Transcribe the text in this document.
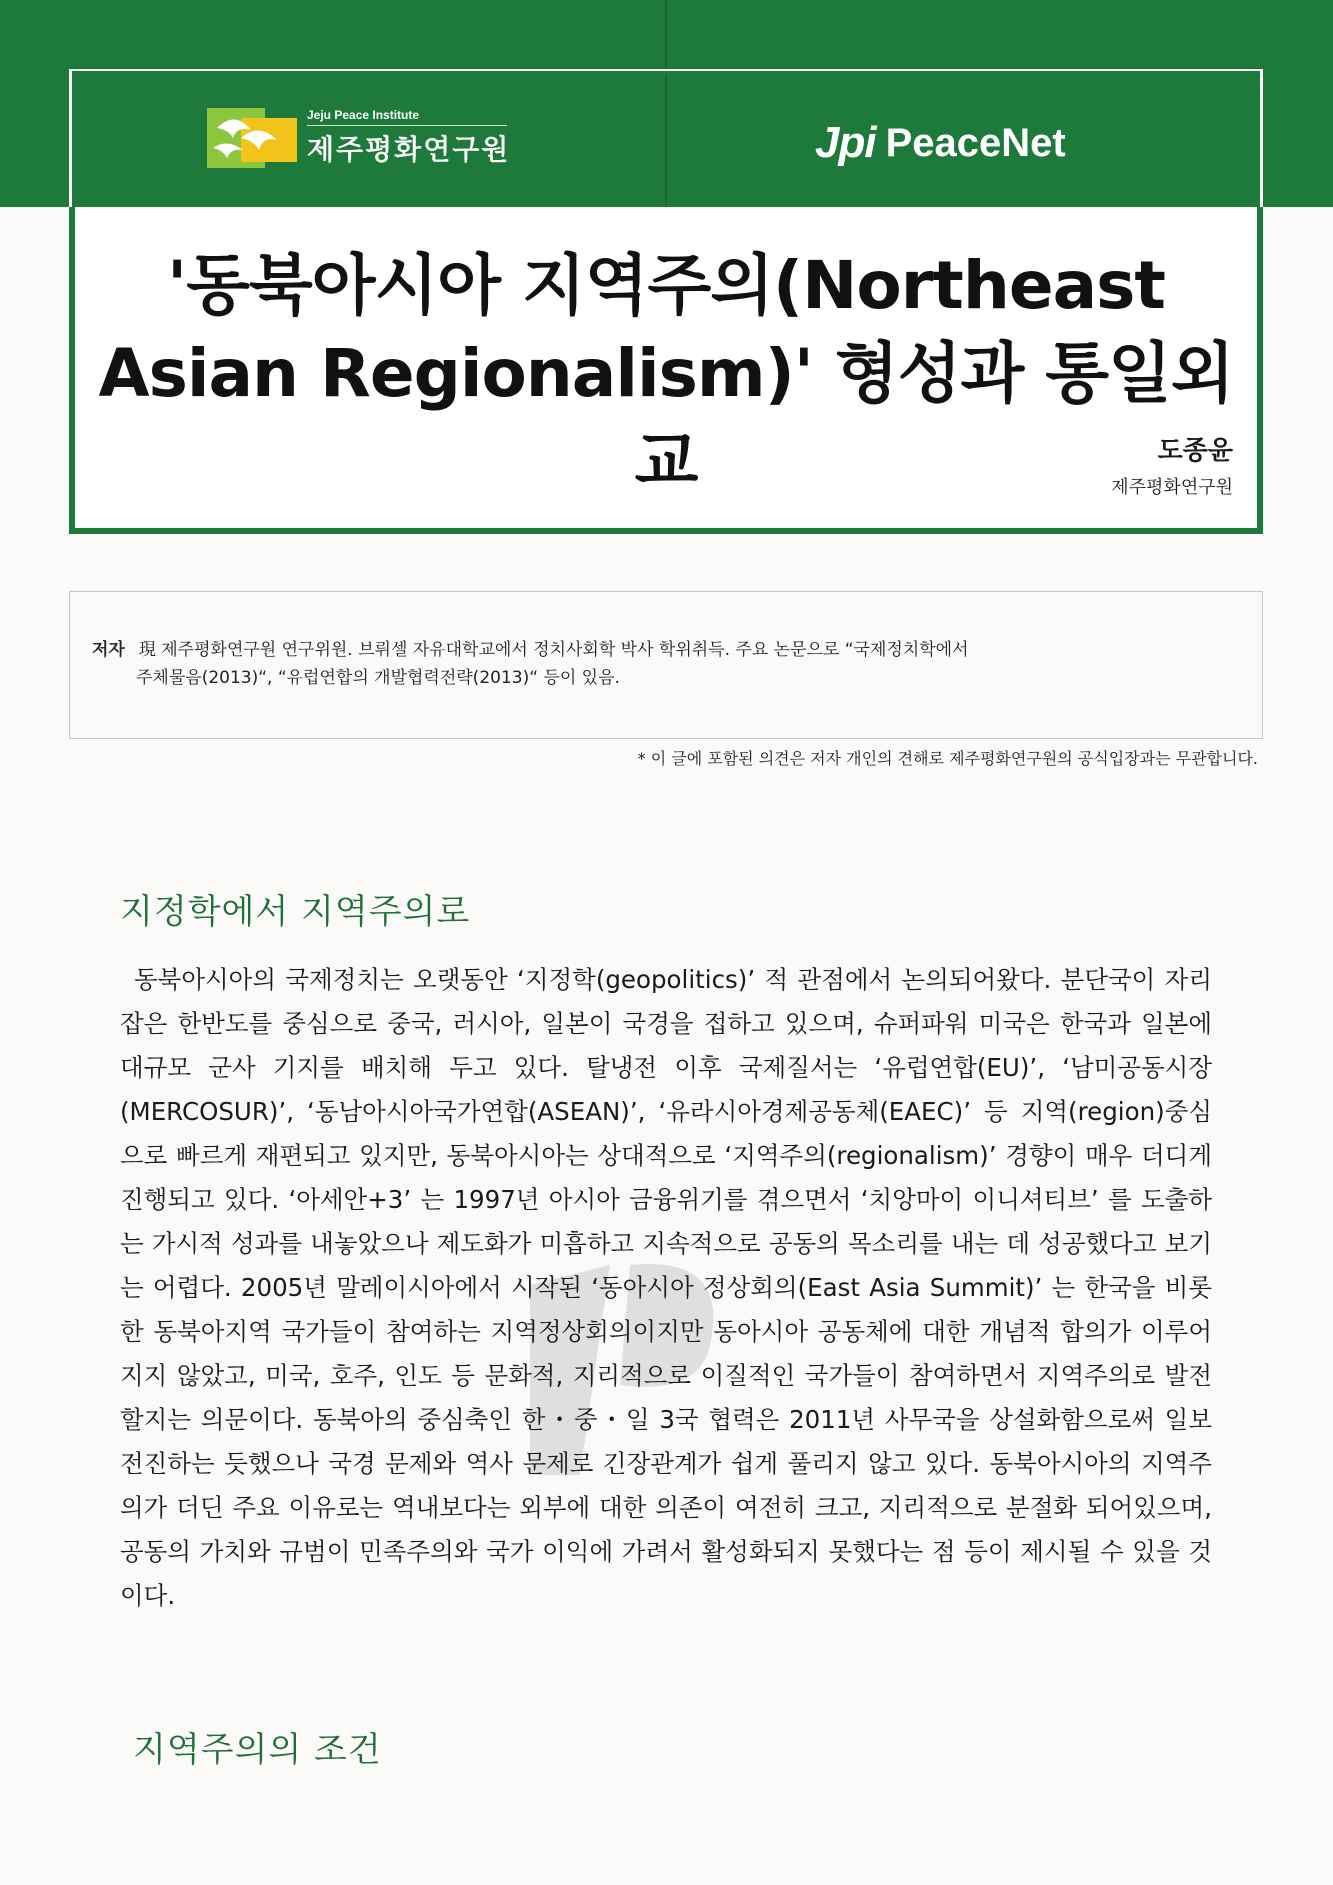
Jeju Peace Institute
제주평화연구원	Jpi PeaceNet
'동북아시아 지역주의(Northeast
Asian Regionalism)' 형성과 통일외교	도종윤
제주평화연구원
저자 現 제주평화연구원 연구위원. 브뤼셀 자유대학교에서 정치사회학 박사 학위취득. 주요 논문으로 “국제정치학에서
주체물음(2013)“, “유럽연합의 개발협력전략(2013)“ 등이 있음.
* 이 글에 포함된 의견은 저자 개인의 견해로 제주평화연구원의 공식입장과는 무관합니다.
지정학에서 지역주의로
동북아시아의 국제정치는 오랫동안 ‘지정학(geopolitics)’ 적 관점에서 논의되어왔다. 분단국이 자리 잡은 한반도를 중심으로 중국, 러시아, 일본이 국경을 접하고 있으며, 슈퍼파워 미국은 한국과 일본에 대규모 군사 기지를 배치해 두고 있다. 탈냉전 이후 국제질서는 ‘유럽연합(EU)’, ‘남미공동시장(MERCOSUR)’, ‘동남아시아국가연합(ASEAN)’, ‘유라시아경제공동체(EAEC)’ 등 지역(region)중심으로 빠르게 재편되고 있지만, 동북아시아는 상대적으로 ‘지역주의(regionalism)’ 경향이 매우 더디게 진행되고 있다. ‘아세안+3’ 는 1997년 아시아 금융위기를 겪으면서 ‘치앙마이 이니셔티브’ 를 도출하는 가시적 성과를 내놓았으나 제도화가 미흡하고 지속적으로 공동의 목소리를 내는 데 성공했다고 보기는 어렵다. 2005년 말레이시아에서 시작된 ‘동아시아 정상회의(East Asia Summit)’ 는 한국을 비롯한 동북아지역 국가들이 참여하는 지역정상회의이지만 동아시아 공동체에 대한 개념적 합의가 이루어지지 않았고, 미국, 호주, 인도 등 문화적, 지리적으로 이질적인 국가들이 참여하면서 지역주의로 발전할지는 의문이다. 동북아의 중심축인 한・중・일 3국 협력은 2011년 사무국을 상설화함으로써 일보 전진하는 듯했으나 국경 문제와 역사 문제로 긴장관계가 쉽게 풀리지 않고 있다. 동북아시아의 지역주의가 더딘 주요 이유로는 역내보다는 외부에 대한 의존이 여전히 크고, 지리적으로 분절화 되어있으며, 공동의 가치와 규범이 민족주의와 국가 이익에 가려서 활성화되지 못했다는 점 등이 제시될 수 있을 것이다.
지역주의의 조건
